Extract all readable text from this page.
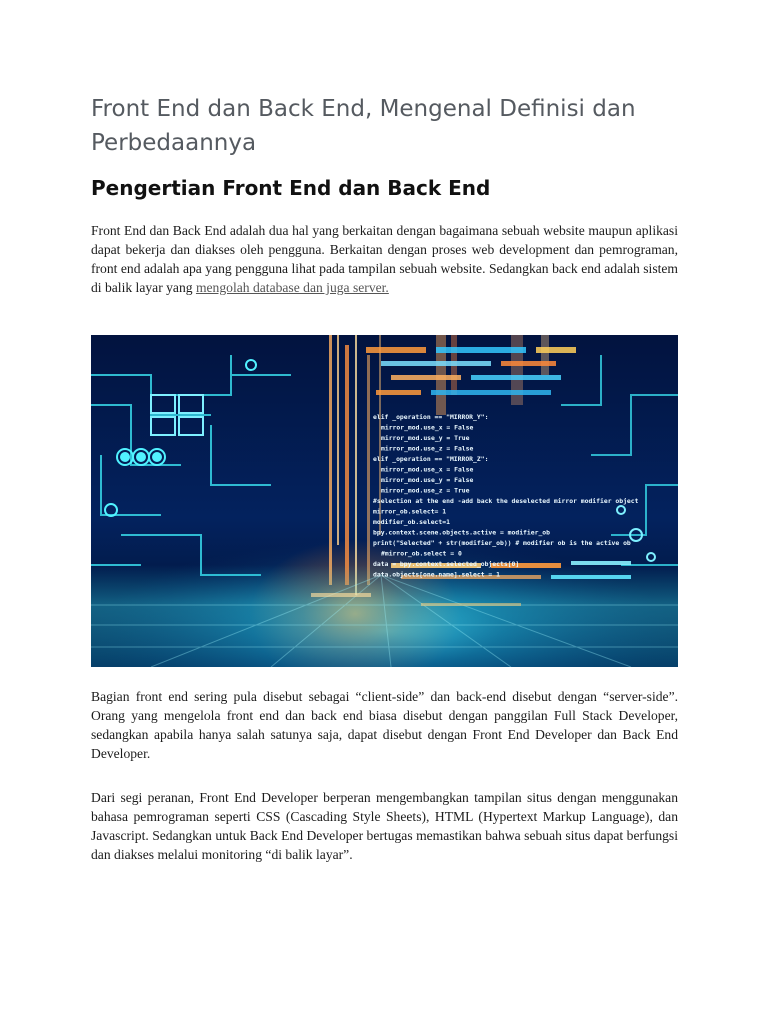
Front End dan Back End, Mengenal Definisi dan Perbedaannya
Pengertian Front End dan Back End

Front End dan Back End adalah dua hal yang berkaitan dengan bagaimana sebuah website maupun aplikasi dapat bekerja dan diakses oleh pengguna. Berkaitan dengan proses web development dan pemrograman, front end adalah apa yang pengguna lihat pada tampilan sebuah website. Sedangkan back end adalah sistem di balik layar yang mengolah database dan juga server.

elif _operation == "MIRROR_Y":
mirror_mod.use_x = False
mirror_mod.use_y = True
mirror_mod.use_z = False
elif _operation == "MIRROR_Z":
mirror_mod.use_x = False
mirror_mod.use_y = False
mirror_mod.use_z = True
#selection at the end -add back the deselected mirror modifier object
mirror_ob.select= 1
modifier_ob.select=1
bpy.context.scene.objects.active = modifier_ob
print("Selected" + str(modifier_ob)) # modifier ob is the active ob
#mirror_ob.select = 0
data = bpy.context.selected_objects[0]
data.objects[one.name].select = 1

Bagian front end sering pula disebut sebagai “client-side” dan back-end disebut dengan “server-side”. Orang yang mengelola front end dan back end biasa disebut dengan panggilan Full Stack Developer, sedangkan apabila hanya salah satunya saja, dapat disebut dengan Front End Developer dan Back End Developer.

Dari segi peranan, Front End Developer berperan mengembangkan tampilan situs dengan menggunakan bahasa pemrograman seperti CSS (Cascading Style Sheets), HTML (Hypertext Markup Language), dan Javascript. Sedangkan untuk Back End Developer bertugas memastikan bahwa sebuah situs dapat berfungsi dan diakses melalui monitoring “di balik layar”.
